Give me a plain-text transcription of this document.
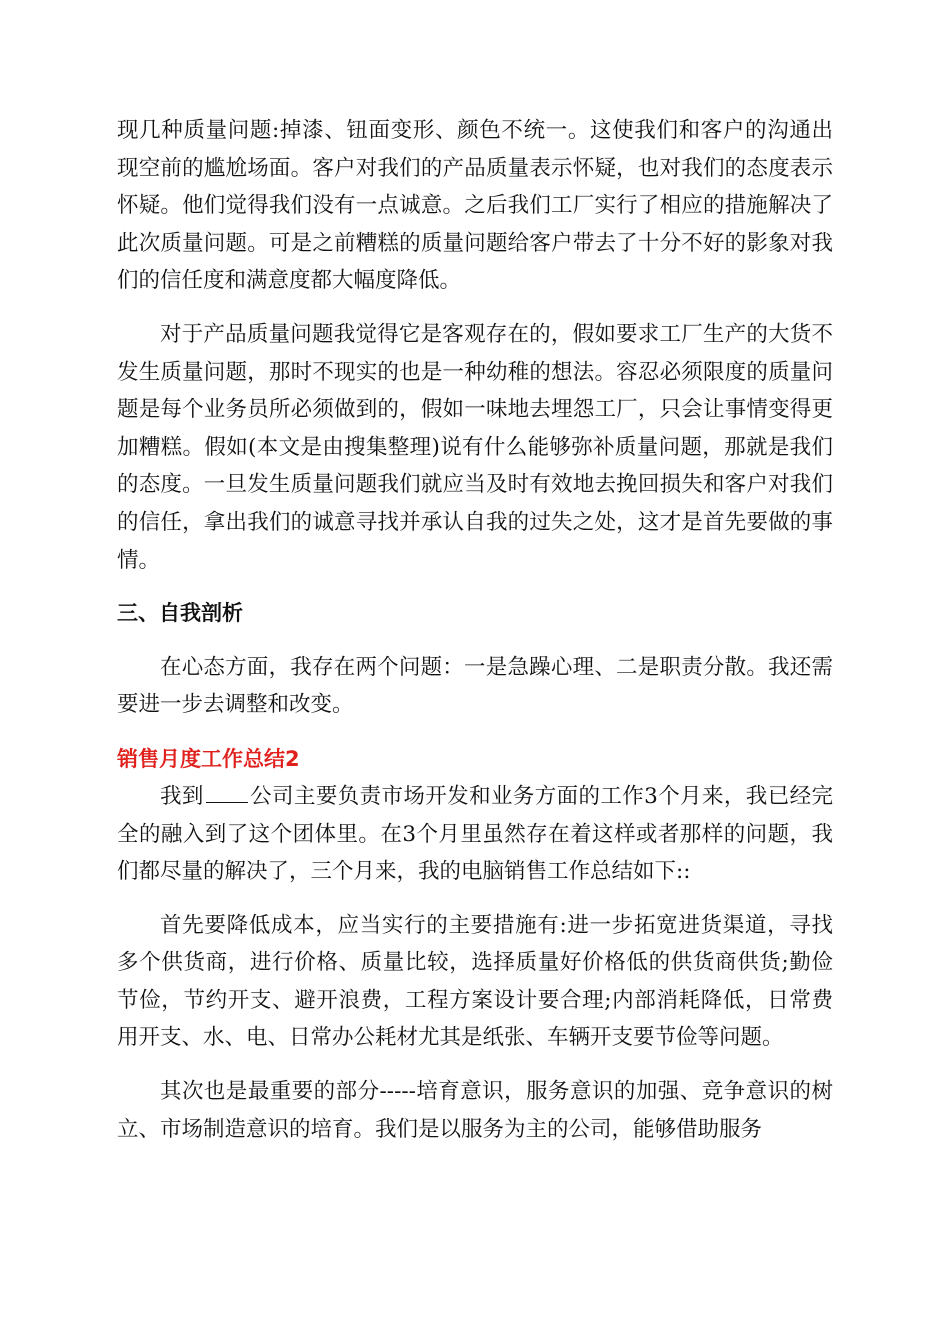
现几种质量问题:掉漆、钮面变形、颜色不统一。这使我们和客户的沟通出现空前的尴尬场面。客户对我们的产品质量表示怀疑，也对我们的态度表示怀疑。他们觉得我们没有一点诚意。之后我们工厂实行了相应的措施解决了此次质量问题。可是之前糟糕的质量问题给客户带去了十分不好的影象对我们的信任度和满意度都大幅度降低。

对于产品质量问题我觉得它是客观存在的，假如要求工厂生产的大货不发生质量问题，那时不现实的也是一种幼稚的想法。容忍必须限度的质量问题是每个业务员所必须做到的，假如一味地去埋怨工厂，只会让事情变得更加糟糕。假如(本文是由搜集整理)说有什么能够弥补质量问题，那就是我们的态度。一旦发生质量问题我们就应当及时有效地去挽回损失和客户对我们的信任，拿出我们的诚意寻找并承认自我的过失之处，这才是首先要做的事情。

三、自我剖析

在心态方面，我存在两个问题：一是急躁心理、二是职责分散。我还需要进一步去调整和改变。

销售月度工作总结2

我到 公司主要负责市场开发和业务方面的工作3个月来，我已经完全的融入到了这个团体里。在3个月里虽然存在着这样或者那样的问题，我们都尽量的解决了，三个月来，我的电脑销售工作总结如下::

首先要降低成本，应当实行的主要措施有:进一步拓宽进货渠道，寻找多个供货商，进行价格、质量比较，选择质量好价格低的供货商供货;勤俭节俭，节约开支、避开浪费，工程方案设计要合理;内部消耗降低，日常费用开支、水、电、日常办公耗材尤其是纸张、车辆开支要节俭等问题。

其次也是最重要的部分-----培育意识，服务意识的加强、竞争意识的树立、市场制造意识的培育。我们是以服务为主的公司，能够借助服务
